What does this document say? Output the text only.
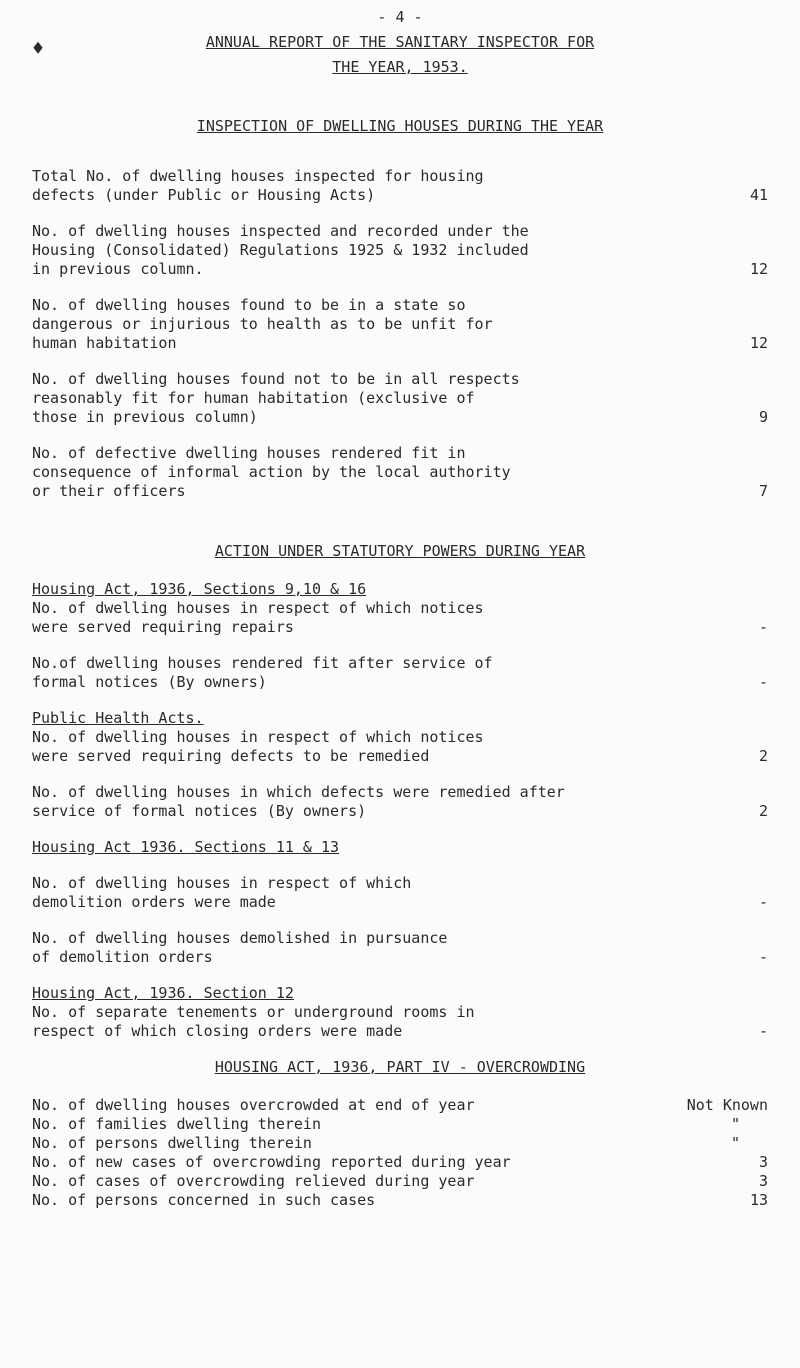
♦
- 4 -
ANNUAL REPORT OF THE SANITARY INSPECTOR FOR
THE YEAR, 1953.
INSPECTION OF DWELLING HOUSES DURING THE YEAR
Total No. of dwelling houses inspected for housing
defects (under Public or Housing Acts)	41
No. of dwelling houses inspected and recorded under the
Housing (Consolidated) Regulations 1925 & 1932 included
in previous column.	12
No. of dwelling houses found to be in a state so
dangerous or injurious to health as to be unfit for
human habitation	12
No. of dwelling houses found not to be in all respects
reasonably fit for human habitation (exclusive of
those in previous column)	9
No. of defective dwelling houses rendered fit in
consequence of informal action by the local authority
or their officers	7
ACTION UNDER STATUTORY POWERS DURING YEAR
Housing Act, 1936, Sections 9,10 & 16
No. of dwelling houses in respect of which notices
were served requiring repairs	-
No.of dwelling houses rendered fit after service of
formal notices (By owners)	-
Public Health Acts.
No. of dwelling houses in respect of which notices
were served requiring defects to be remedied	2
No. of dwelling houses in which defects were remedied after
service of formal notices (By owners)	2
Housing Act 1936. Sections 11 & 13
No. of dwelling houses in respect of which
demolition orders were made	-
No. of dwelling houses demolished in pursuance
of demolition orders	-
Housing Act, 1936. Section 12
No. of separate tenements or underground rooms in
respect of which closing orders were made	-
HOUSING ACT, 1936, PART IV - OVERCROWDING
No. of dwelling houses overcrowded at end of year	Not Known
No. of families dwelling therein	"
No. of persons dwelling therein	"
No. of new cases of overcrowding reported during year	3
No. of cases of overcrowding relieved during year	3
No. of persons concerned in such cases	13
